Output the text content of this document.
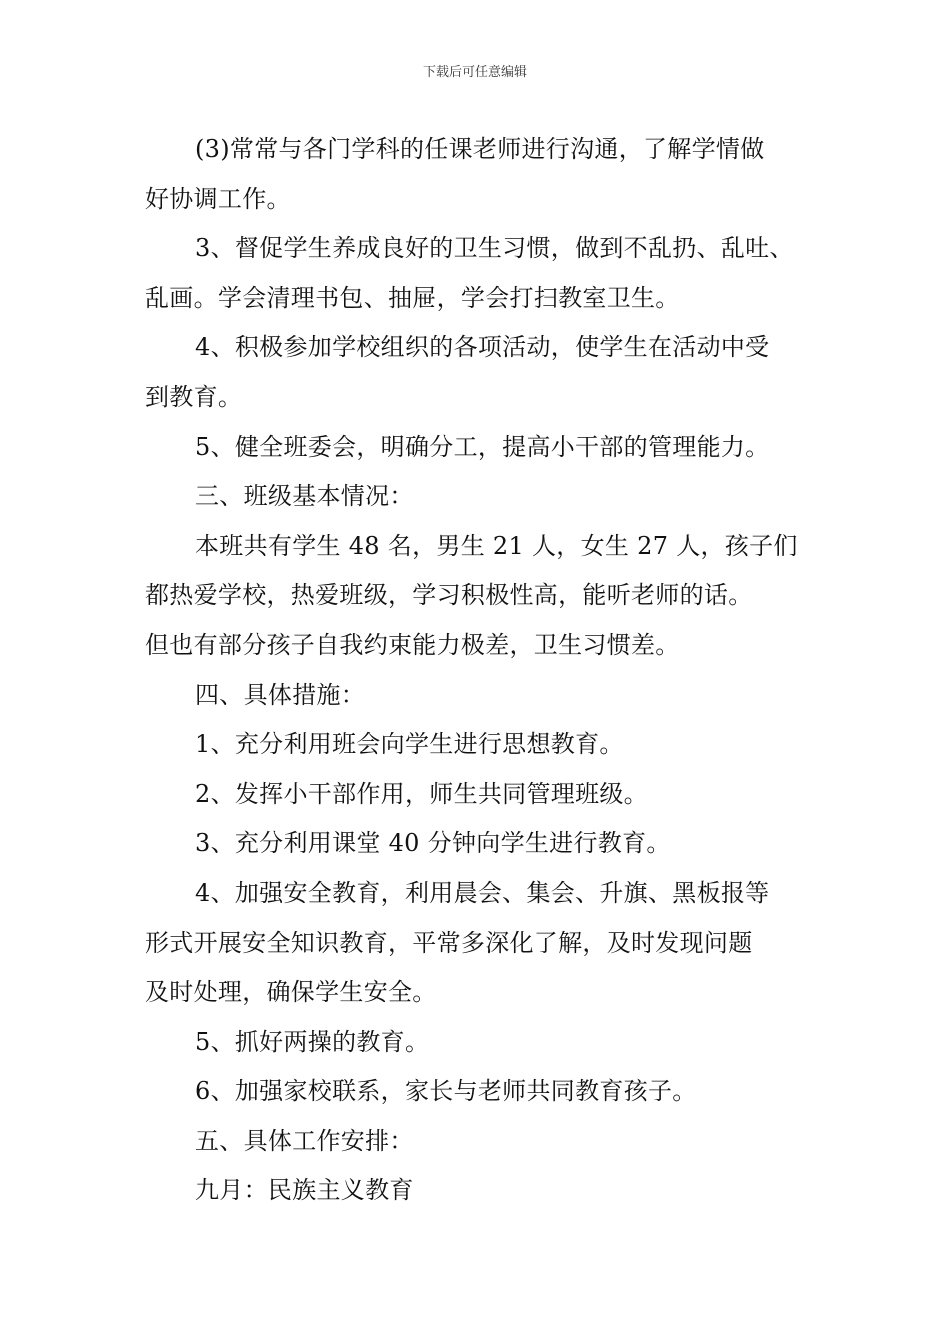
下载后可任意编辑

(3)常常与各门学科的任课老师进行沟通，了解学情做

好协调工作。

3、督促学生养成良好的卫生习惯，做到不乱扔、乱吐、

乱画。学会清理书包、抽屉，学会打扫教室卫生。

4、积极参加学校组织的各项活动，使学生在活动中受

到教育。

5、健全班委会，明确分工，提高小干部的管理能力。

三、班级基本情况：

本班共有学生 48 名，男生 21 人，女生 27 人，孩子们

都热爱学校，热爱班级，学习积极性高，能听老师的话。

但也有部分孩子自我约束能力极差，卫生习惯差。

四、具体措施：

1、充分利用班会向学生进行思想教育。

2、发挥小干部作用，师生共同管理班级。

3、充分利用课堂 40 分钟向学生进行教育。

4、加强安全教育，利用晨会、集会、升旗、黑板报等

形式开展安全知识教育，平常多深化了解，及时发现问题

及时处理，确保学生安全。

5、抓好两操的教育。

6、加强家校联系，家长与老师共同教育孩子。

五、具体工作安排：

九月：民族主义教育
